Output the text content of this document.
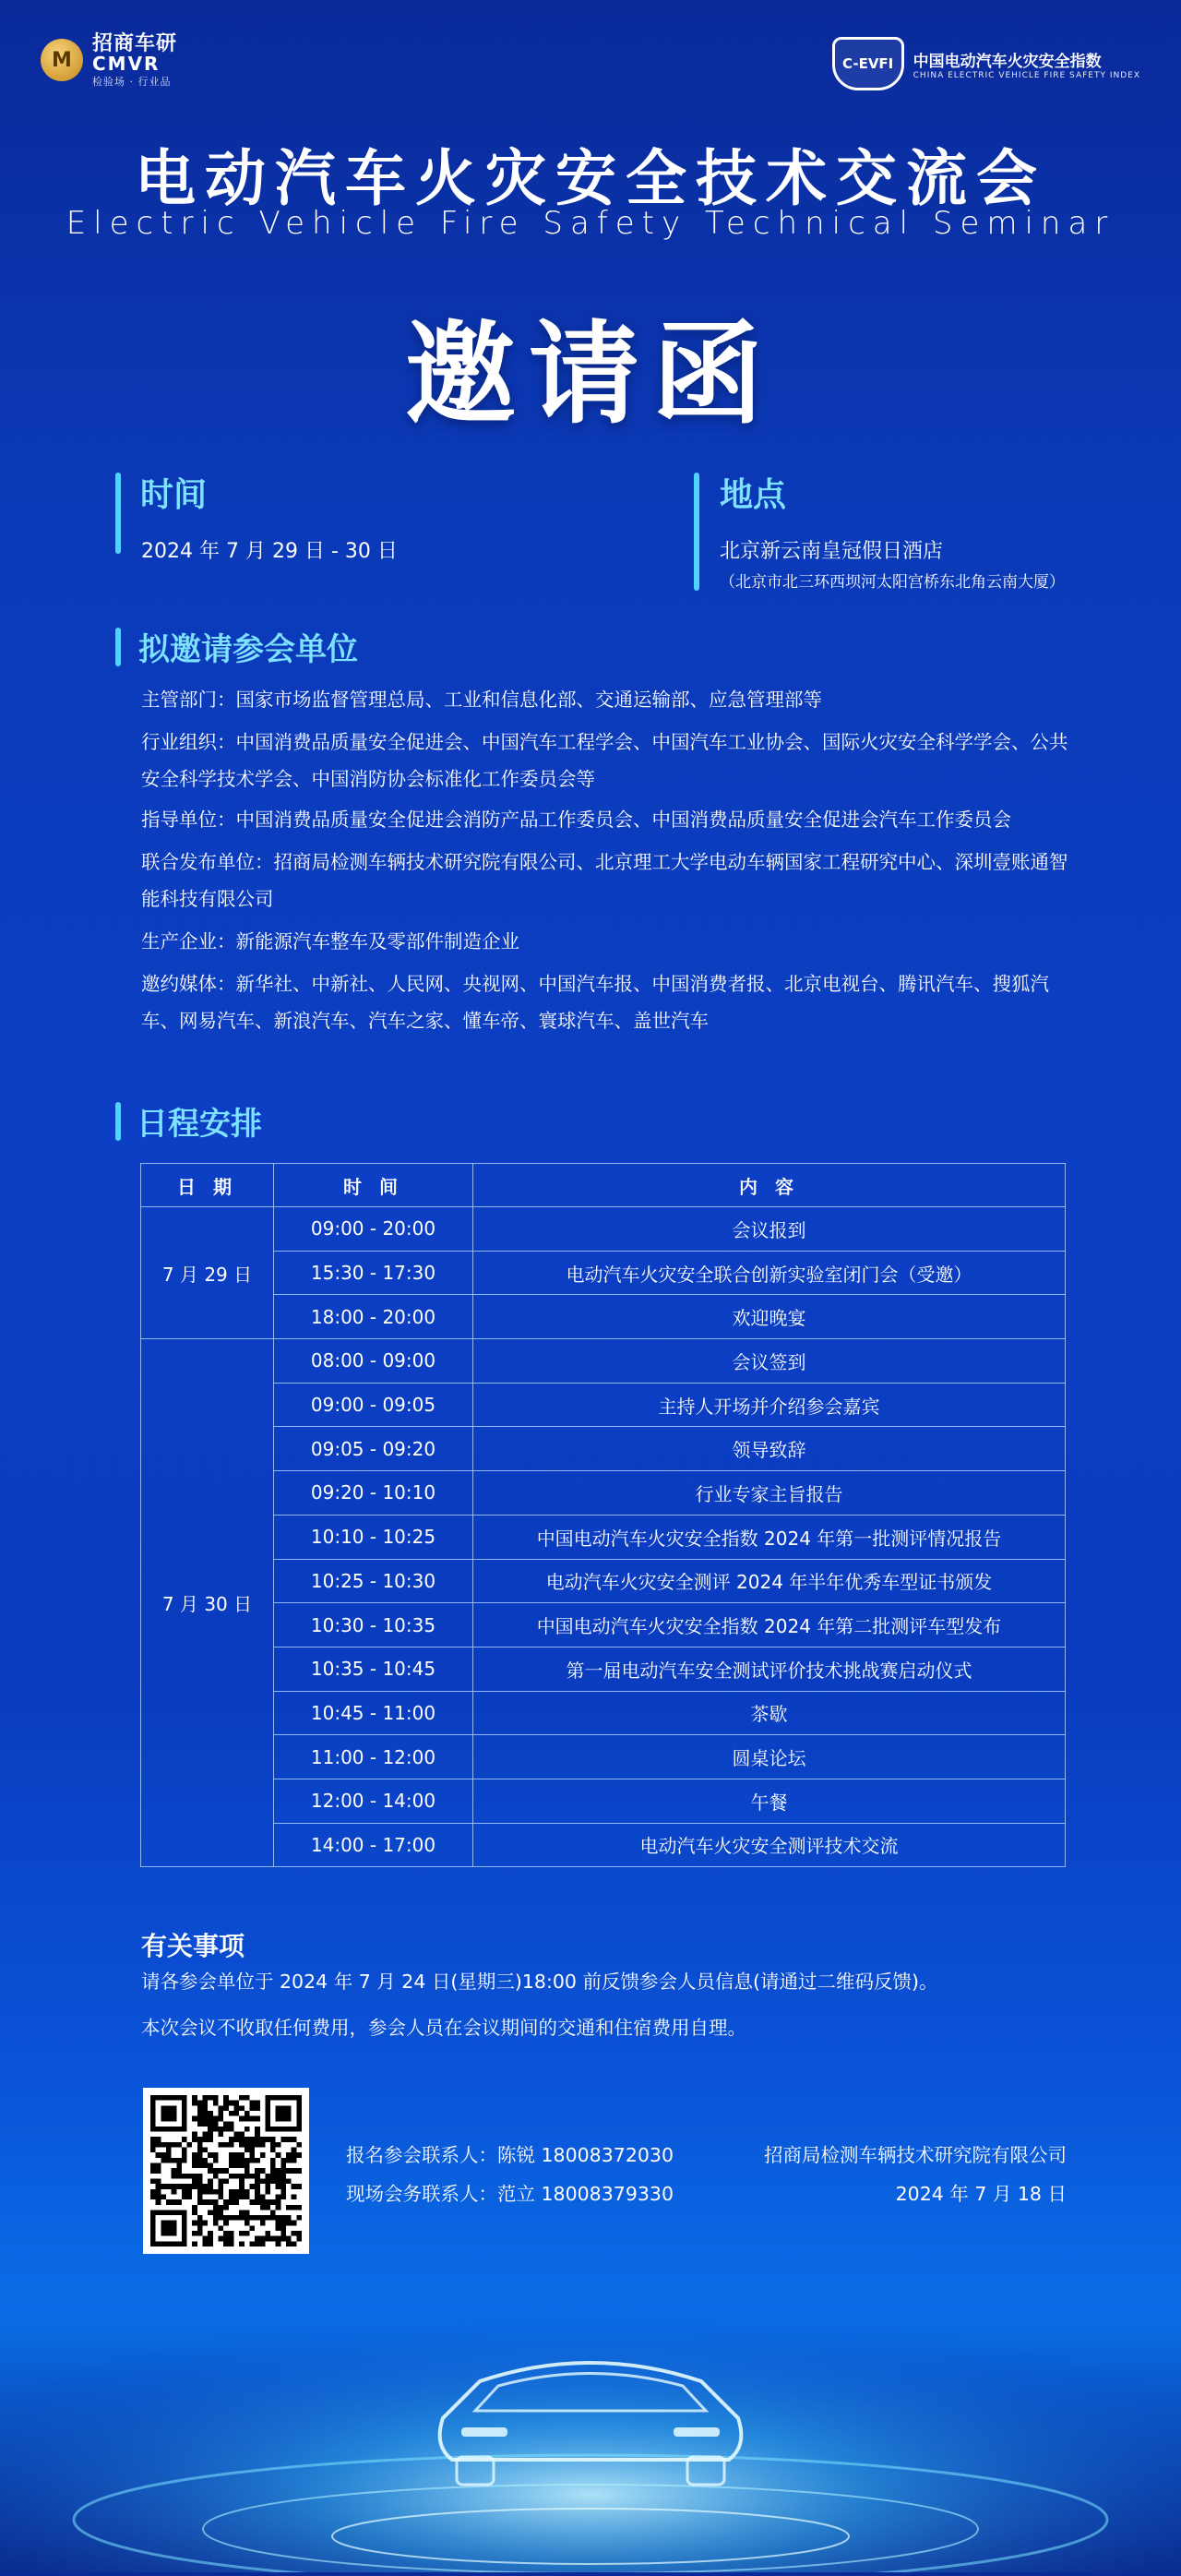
M
招商车研
CMVR
检验场 · 行业品
C-EVFI	中国电动汽车火灾安全指数
CHINA ELECTRIC VEHICLE FIRE SAFETY INDEX
电动汽车火灾安全技术交流会
Electric Vehicle Fire Safety Technical Seminar
邀请函
时间
2024 年 7 月 29 日 - 30 日
地点
北京新云南皇冠假日酒店
（北京市北三环西坝河太阳宫桥东北角云南大厦）
拟邀请参会单位
主管部门：国家市场监督管理总局、工业和信息化部、交通运输部、应急管理部等
行业组织：中国消费品质量安全促进会、中国汽车工程学会、中国汽车工业协会、国际火灾安全科学学会、公共安全科学技术学会、中国消防协会标准化工作委员会等
指导单位：中国消费品质量安全促进会消防产品工作委员会、中国消费品质量安全促进会汽车工作委员会
联合发布单位：招商局检测车辆技术研究院有限公司、北京理工大学电动车辆国家工程研究中心、深圳壹账通智能科技有限公司
生产企业：新能源汽车整车及零部件制造企业
邀约媒体：新华社、中新社、人民网、央视网、中国汽车报、中国消费者报、北京电视台、腾讯汽车、搜狐汽车、网易汽车、新浪汽车、汽车之家、懂车帝、寰球汽车、盖世汽车
日程安排
日 期	时 间	内 容
7 月 29 日	09:00 - 20:00	会议报到
	15:30 - 17:30	电动汽车火灾安全联合创新实验室闭门会（受邀）
	18:00 - 20:00	欢迎晚宴
7 月 30 日	08:00 - 09:00	会议签到
	09:00 - 09:05	主持人开场并介绍参会嘉宾
	09:05 - 09:20	领导致辞
	09:20 - 10:10	行业专家主旨报告
	10:10 - 10:25	中国电动汽车火灾安全指数 2024 年第一批测评情况报告
	10:25 - 10:30	电动汽车火灾安全测评 2024 年半年优秀车型证书颁发
	10:30 - 10:35	中国电动汽车火灾安全指数 2024 年第二批测评车型发布
	10:35 - 10:45	第一届电动汽车安全测试评价技术挑战赛启动仪式
	10:45 - 11:00	茶歇
	11:00 - 12:00	圆桌论坛
	12:00 - 14:00	午餐
	14:00 - 17:00	电动汽车火灾安全测评技术交流
有关事项
请各参会单位于 2024 年 7 月 24 日(星期三)18:00 前反馈参会人员信息(请通过二维码反馈)。
本次会议不收取任何费用，参会人员在会议期间的交通和住宿费用自理。
报名参会联系人：陈锐 18008372030
现场会务联系人：范立 18008379330
招商局检测车辆技术研究院有限公司
2024 年 7 月 18 日
